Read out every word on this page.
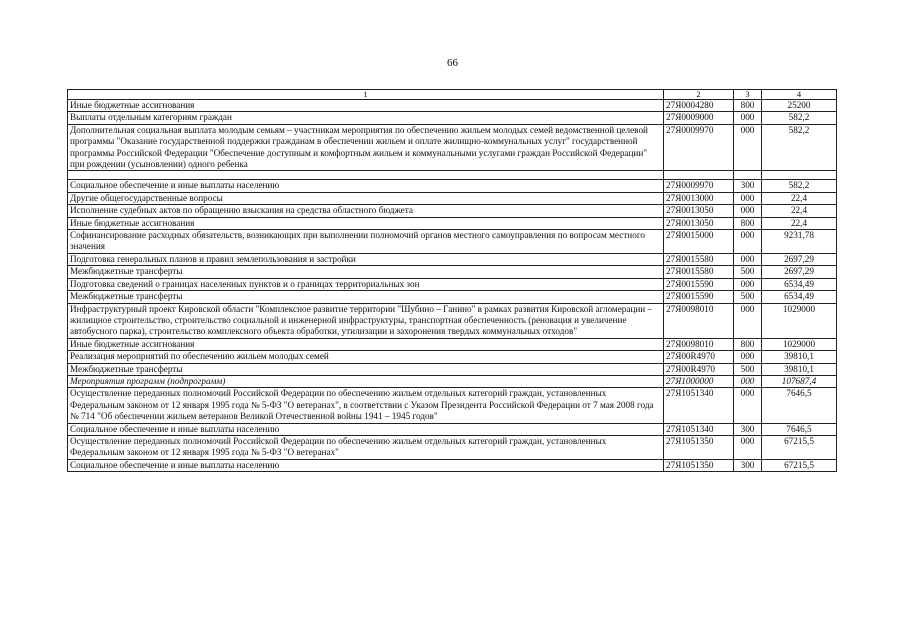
66
1	2	3	4
Иные бюджетные ассигнования	27Я0004280	800	25200
Выплаты отдельным категориям граждан	27Я0009000	000	582,2
Дополнительная социальная выплата молодым семьям – участникам мероприятия по обеспечению жильем молодых семей ведомственной целевой программы "Оказание государственной поддержки гражданам в обеспечении жильем и оплате жилищно-коммунальных услуг" государственной программы Российской Федерации "Обеспечение доступным и комфортным жильем и коммунальными услугами граждан Российской Федерации" при рождении (усыновлении) одного ребенка	27Я0009970	000	582,2

Социальное обеспечение и иные выплаты населению	27Я0009970	300	582,2
Другие общегосударственные вопросы	27Я0013000	000	22,4
Исполнение судебных актов по обращению взыскания на средства областного бюджета	27Я0013050	000	22,4
Иные бюджетные ассигнования	27Я0013050	800	22,4
Софинансирование расходных обязательств, возникающих при выполнении полномочий органов местного самоуправления по вопросам местного значения	27Я0015000	000	9231,78
Подготовка генеральных планов и правил землепользования и застройки	27Я0015580	000	2697,29
Межбюджетные трансферты	27Я0015580	500	2697,29
Подготовка сведений о границах населенных пунктов и о границах территориальных зон	27Я0015590	000	6534,49
Межбюджетные трансферты	27Я0015590	500	6534,49
Инфраструктурный проект Кировской области "Комплексное развитие территории "Шубино – Ганино" в рамках развития Кировской агломерации – жилищное строительство, строительство социальной и инженерной инфраструктуры, транспортная обеспеченность (реновация и увеличение автобусного парка), строительство комплексного объекта обработки, утилизации и захоронения твердых коммунальных отходов"	27Я0098010	000	1029000
Иные бюджетные ассигнования	27Я0098010	800	1029000
Реализация мероприятий по обеспечению жильем молодых семей	27Я00R4970	000	39810,1
Межбюджетные трансферты	27Я00R4970	500	39810,1
Мероприятия программ (подпрограмм)	27Я1000000	000	107687,4
Осуществление переданных полномочий Российской Федерации по обеспечению жильем отдельных категорий граждан, установленных Федеральным законом от 12 января 1995 года № 5-ФЗ "О ветеранах", в соответствии с Указом Президента Российской Федерации от 7 мая 2008 года № 714 "Об обеспечении жильем ветеранов Великой Отечественной войны 1941 – 1945 годов"	27Я1051340	000	7646,5
Социальное обеспечение и иные выплаты населению	27Я1051340	300	7646,5
Осуществление переданных полномочий Российской Федерации по обеспечению жильем отдельных категорий граждан, установленных Федеральным законом от 12 января 1995 года № 5-ФЗ "О ветеранах"	27Я1051350	000	67215,5
Социальное обеспечение и иные выплаты населению	27Я1051350	300	67215,5
